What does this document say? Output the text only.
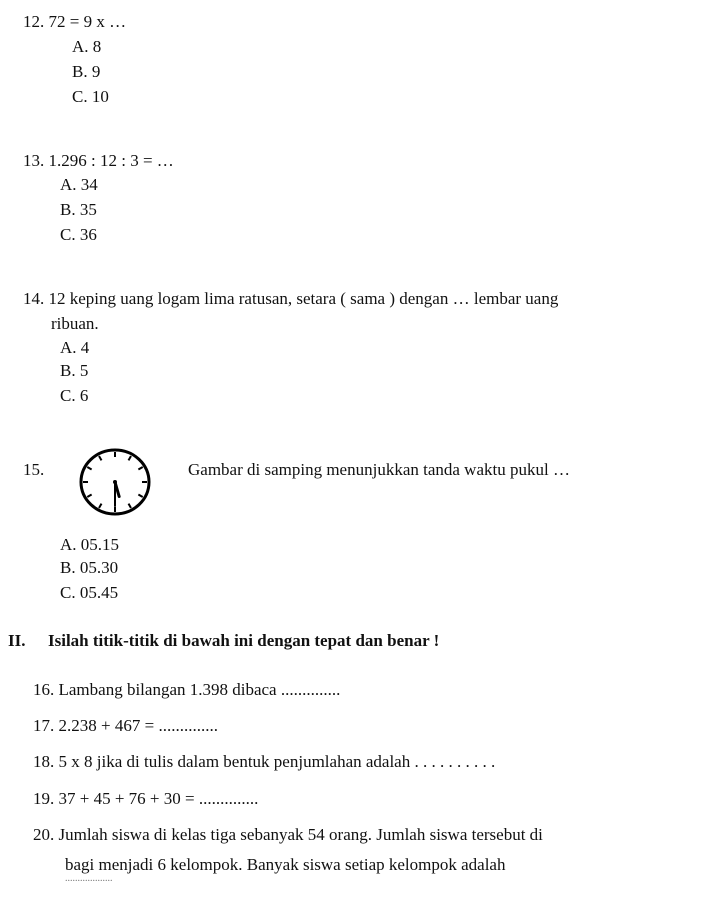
12. 72 = 9 x …
A. 8
B. 9
C. 10
13. 1.296 : 12 : 3 = …
A. 34
B. 35
C. 36
14. 12 keping uang logam lima ratusan, setara ( sama ) dengan … lembar uang
ribuan.
A. 4
B. 5
C. 6
15.	Gambar di samping menunjukkan tanda waktu pukul …
A. 05.15
B. 05.30
C. 05.45
II. Isilah titik-titik di bawah ini dengan tepat dan benar !
16. Lambang bilangan 1.398 dibaca ..............
17. 2.238 + 467 = ..............
18. 5 x 8 jika di tulis dalam bentuk penjumlahan adalah . . . . . . . . . .
19. 37 + 45 + 76 + 30 = ..............
20. Jumlah siswa di kelas tiga sebanyak 54 orang. Jumlah siswa tersebut di
bagi menjadi 6 kelompok. Banyak siswa setiap kelompok adalah
...................
